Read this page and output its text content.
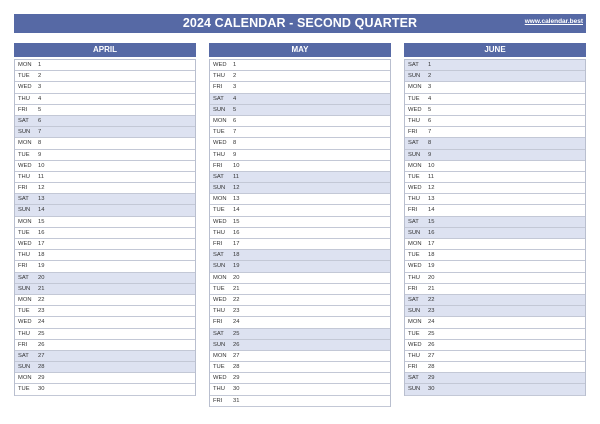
2024 CALENDAR - SECOND QUARTER	www.calendar.best
APRIL
MON	1
TUE	2
WED	3
THU	4
FRI	5
SAT	6
SUN	7
MON	8
TUE	9
WED	10
THU	11
FRI	12
SAT	13
SUN	14
MON	15
TUE	16
WED	17
THU	18
FRI	19
SAT	20
SUN	21
MON	22
TUE	23
WED	24
THU	25
FRI	26
SAT	27
SUN	28
MON	29
TUE	30
MAY
WED	1
THU	2
FRI	3
SAT	4
SUN	5
MON	6
TUE	7
WED	8
THU	9
FRI	10
SAT	11
SUN	12
MON	13
TUE	14
WED	15
THU	16
FRI	17
SAT	18
SUN	19
MON	20
TUE	21
WED	22
THU	23
FRI	24
SAT	25
SUN	26
MON	27
TUE	28
WED	29
THU	30
FRI	31
JUNE
SAT	1
SUN	2
MON	3
TUE	4
WED	5
THU	6
FRI	7
SAT	8
SUN	9
MON	10
TUE	11
WED	12
THU	13
FRI	14
SAT	15
SUN	16
MON	17
TUE	18
WED	19
THU	20
FRI	21
SAT	22
SUN	23
MON	24
TUE	25
WED	26
THU	27
FRI	28
SAT	29
SUN	30
